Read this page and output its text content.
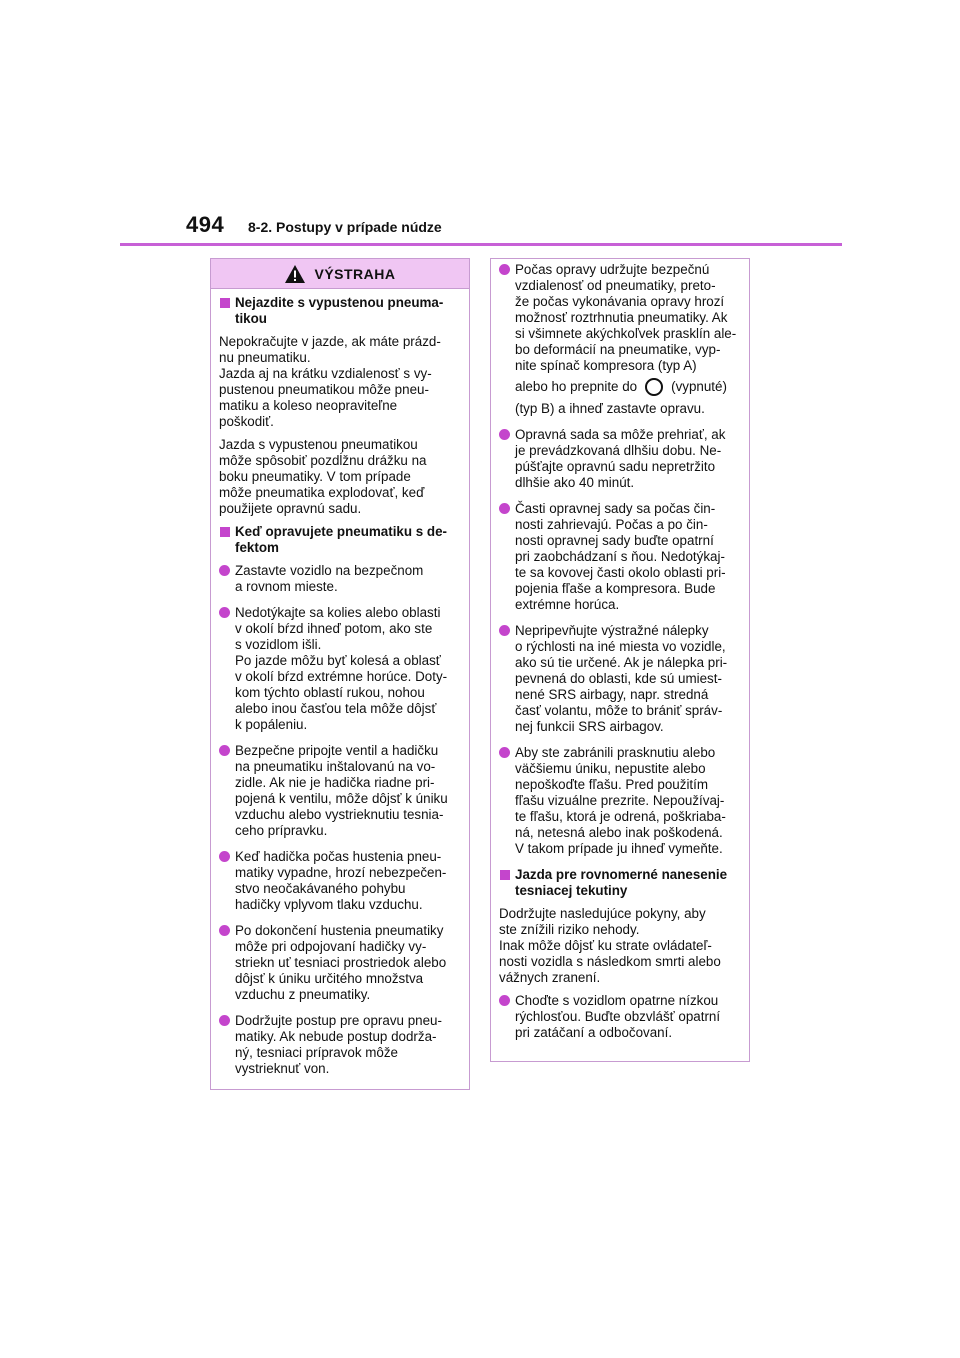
494 8-2. Postupy v prípade núdze
VÝSTRAHA
Nejazdite s vypustenou pneuma-
tikou
Nepokračujte v jazde, ak máte prázd-
nu pneumatiku.
Jazda aj na krátku vzdialenosť s vy-
pustenou pneumatikou môže pneu-
matiku a koleso neopraviteľne
poškodiť.
Jazda s vypustenou pneumatikou
môže spôsobiť pozdĺžnu drážku na
boku pneumatiky. V tom prípade
môže pneumatika explodovať, keď
použijete opravnú sadu.
Keď opravujete pneumatiku s de-
fektom
Zastavte vozidlo na bezpečnom
a rovnom mieste.
Nedotýkajte sa kolies alebo oblasti
v okolí bŕzd ihneď potom, ako ste
s vozidlom išli.
Po jazde môžu byť kolesá a oblasť
v okolí bŕzd extrémne horúce. Doty-
kom týchto oblastí rukou, nohou
alebo inou časťou tela môže dôjsť
k popáleniu.
Bezpečne pripojte ventil a hadičku
na pneumatiku inštalovanú na vo-
zidle. Ak nie je hadička riadne pri-
pojená k ventilu, môže dôjsť k úniku
vzduchu alebo vystrieknutiu tesnia-
ceho prípravku.
Keď hadička počas hustenia pneu-
matiky vypadne, hrozí nebezpečen-
stvo neočakávaného pohybu
hadičky vplyvom tlaku vzduchu.
Po dokončení hustenia pneumatiky
môže pri odpojovaní hadičky vy-
striekn uť tesniaci prostriedok alebo
dôjsť k úniku určitého množstva
vzduchu z pneumatiky.
Dodržujte postup pre opravu pneu-
matiky. Ak nebude postup dodrža-
ný, tesniaci prípravok môže
vystrieknuť von.
Počas opravy udržujte bezpečnú
vzdialenosť od pneumatiky, preto-
že počas vykonávania opravy hrozí
možnosť roztrhnutia pneumatiky. Ak
si všimnete akýchkoľvek prasklín ale-
bo deformácií na pneumatike, vyp-
nite spínač kompresora (typ A)
alebo ho prepnite do	(vypnuté)
(typ B) a ihneď zastavte opravu.
Opravná sada sa môže prehriať, ak
je prevádzkovaná dlhšiu dobu. Ne-
púšťajte opravnú sadu nepretržito
dlhšie ako 40 minút.
Časti opravnej sady sa počas čin-
nosti zahrievajú. Počas a po čin-
nosti opravnej sady buďte opatrní
pri zaobchádzaní s ňou. Nedotýkaj-
te sa kovovej časti okolo oblasti pri-
pojenia fľaše a kompresora. Bude
extrémne horúca.
Nepripevňujte výstražné nálepky
o rýchlosti na iné miesta vo vozidle,
ako sú tie určené. Ak je nálepka pri-
pevnená do oblasti, kde sú umiest-
nené SRS airbagy, napr. stredná
časť volantu, môže to brániť správ-
nej funkcii SRS airbagov.
Aby ste zabránili prasknutiu alebo
väčšiemu úniku, nepustite alebo
nepoškoďte fľašu. Pred použitím
fľašu vizuálne prezrite. Nepoužívaj-
te fľašu, ktorá je odrená, poškriaba-
ná, netesná alebo inak poškodená.
V takom prípade ju ihneď vymeňte.
Jazda pre rovnomerné nanesenie
tesniacej tekutiny
Dodržujte nasledujúce pokyny, aby
ste znížili riziko nehody.
Inak môže dôjsť ku strate ovládateľ-
nosti vozidla s následkom smrti alebo
vážnych zranení.
Choďte s vozidlom opatrne nízkou
rýchlosťou. Buďte obzvlášť opatrní
pri zatáčaní a odbočovaní.
